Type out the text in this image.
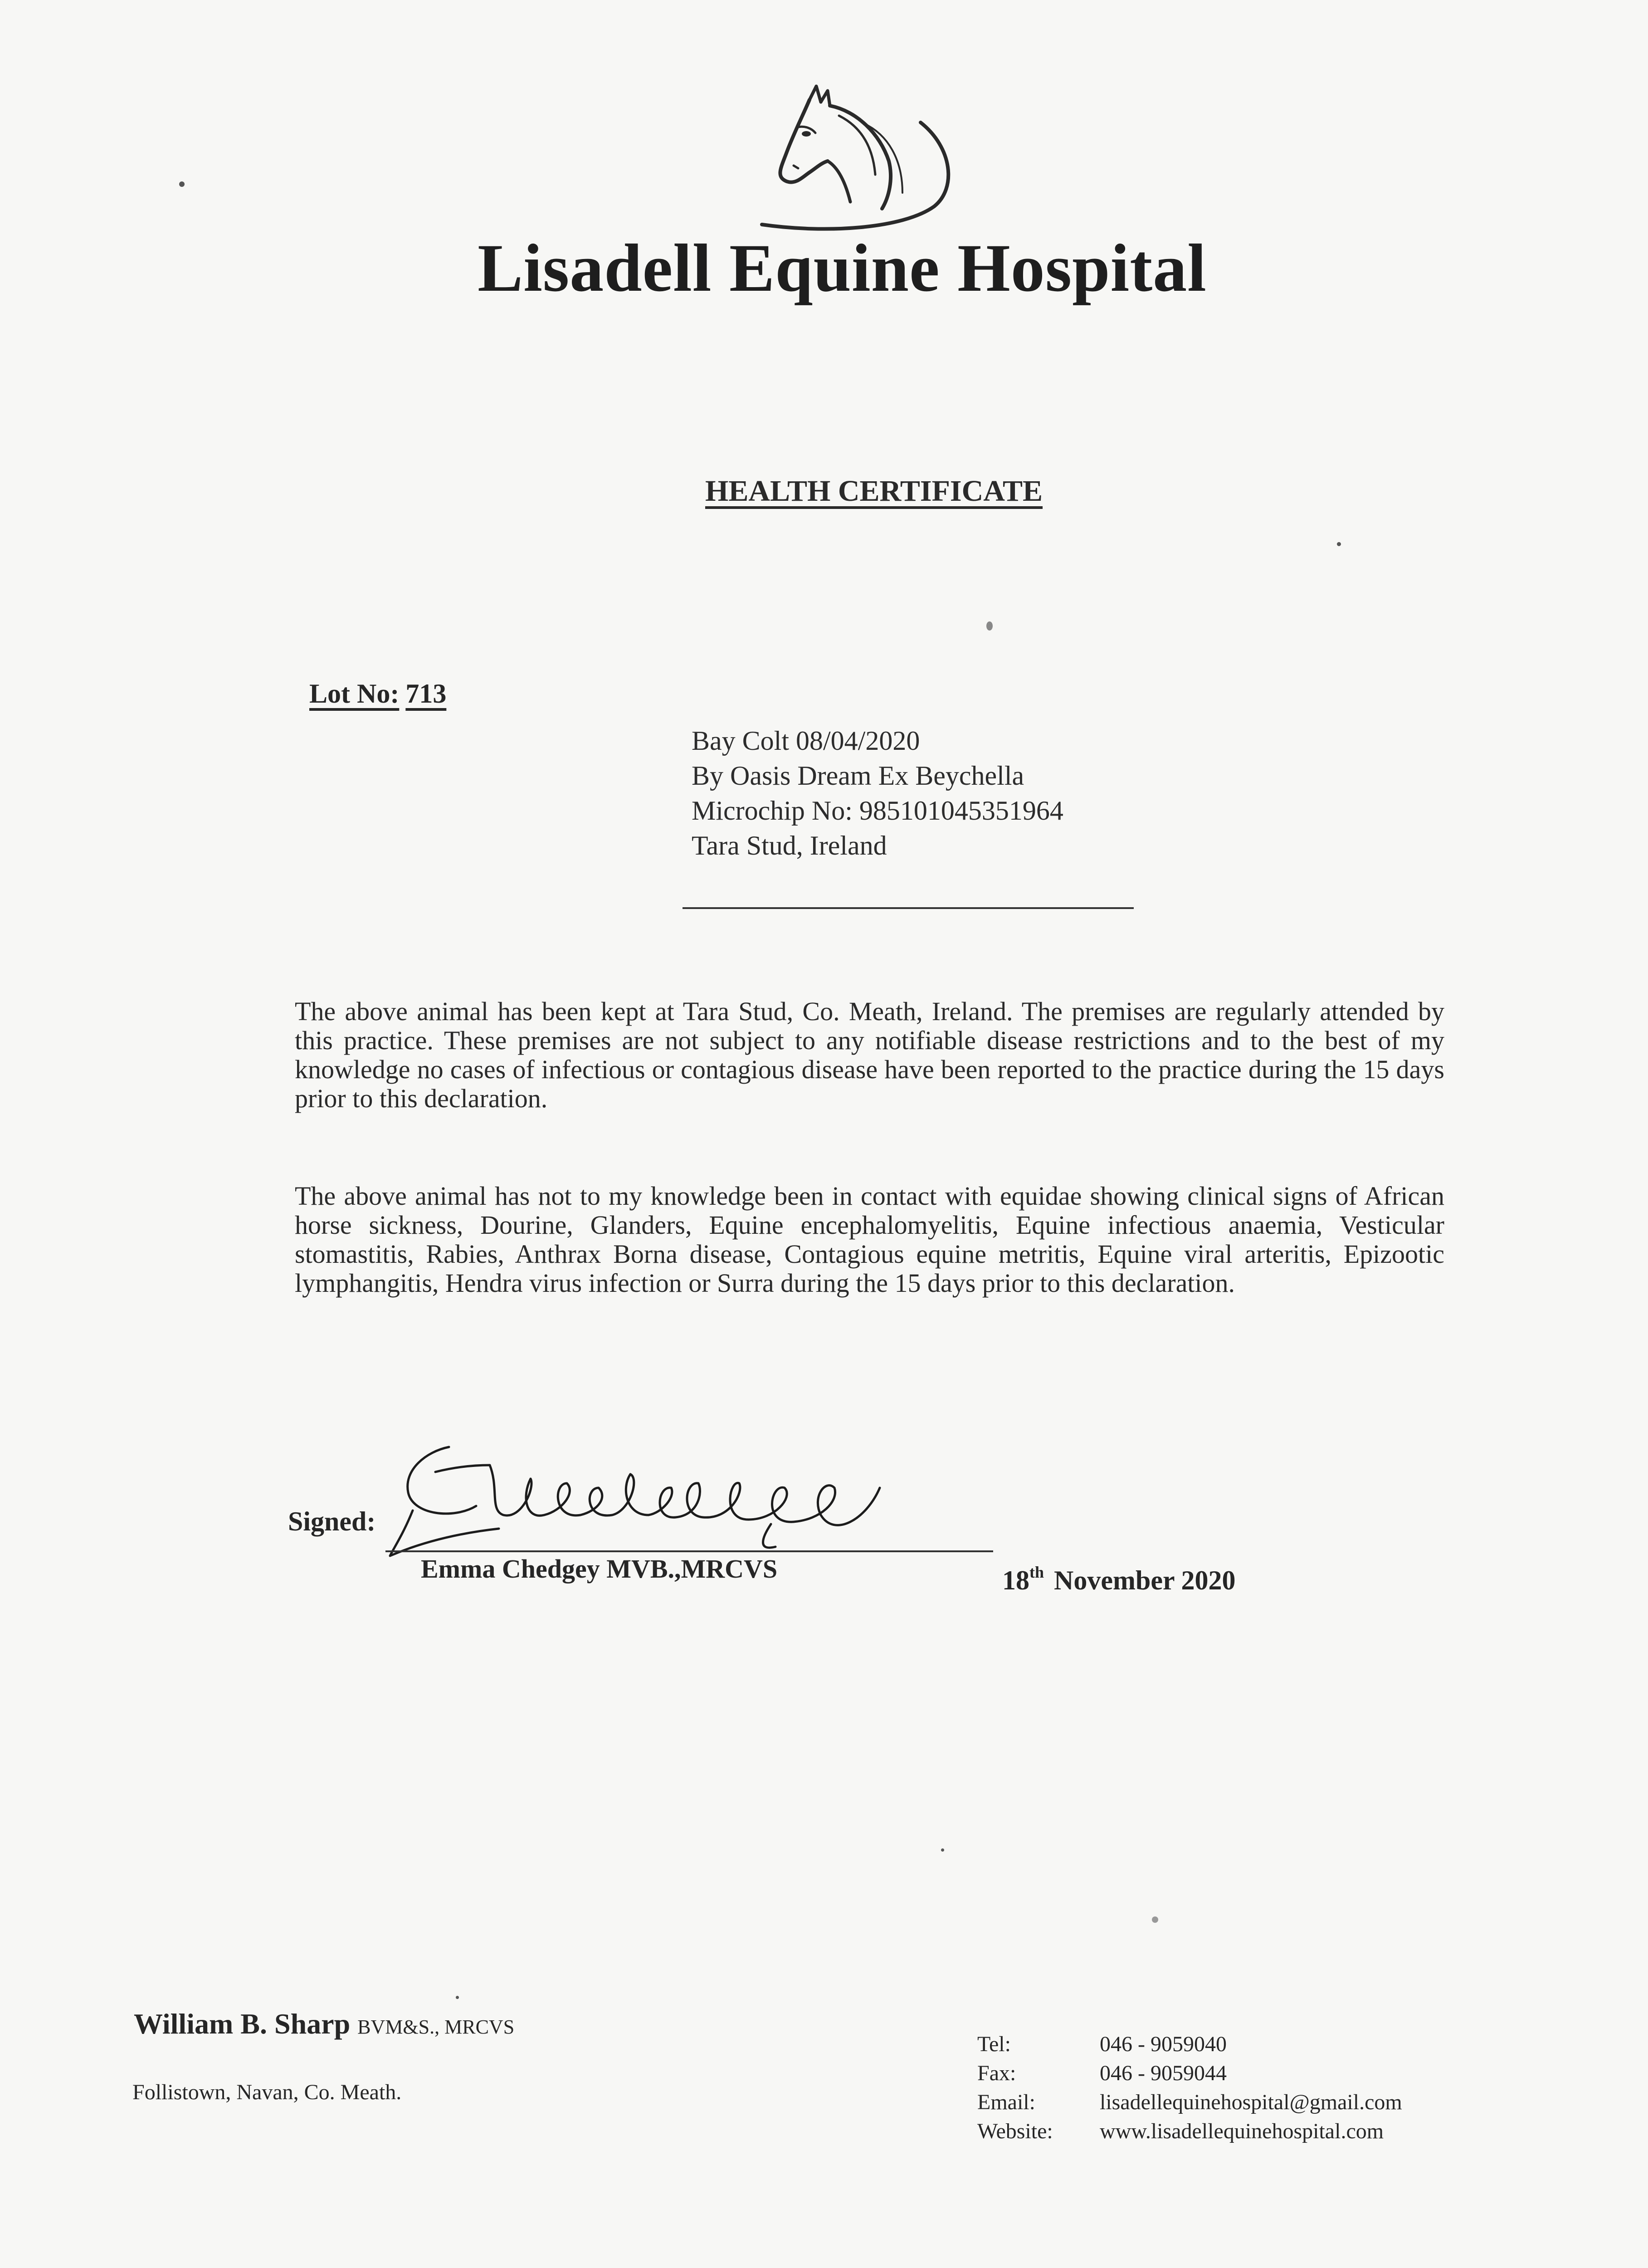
Lisadell Equine Hospital
HEALTH CERTIFICATE
Lot No: 713
Bay Colt 08/04/2020
By Oasis Dream Ex Beychella
Microchip No: 985101045351964
Tara Stud, Ireland
The above animal has been kept at Tara Stud, Co. Meath, Ireland. The premises are regularly attended by this practice. These premises are not subject to any notifiable disease restrictions and to the best of my knowledge no cases of infectious or contagious disease have been reported to the practice during the 15 days prior to this declaration.
The above animal has not to my knowledge been in contact with equidae showing clinical signs of African horse sickness, Dourine, Glanders, Equine encephalomyelitis, Equine infectious anaemia, Vesticular stomastitis, Rabies, Anthrax Borna disease, Contagious equine metritis, Equine viral arteritis, Epizootic lymphangitis, Hendra virus infection or Surra during the 15 days prior to this declaration.
Signed:
Emma Chedgey MVB.,MRCVS	18th November 2020
William B. Sharp BVM&S., MRCVS
Follistown, Navan, Co. Meath.
Tel:	046 - 9059040
Fax:	046 - 9059044
Email:	lisadellequinehospital@gmail.com
Website:	www.lisadellequinehospital.com
